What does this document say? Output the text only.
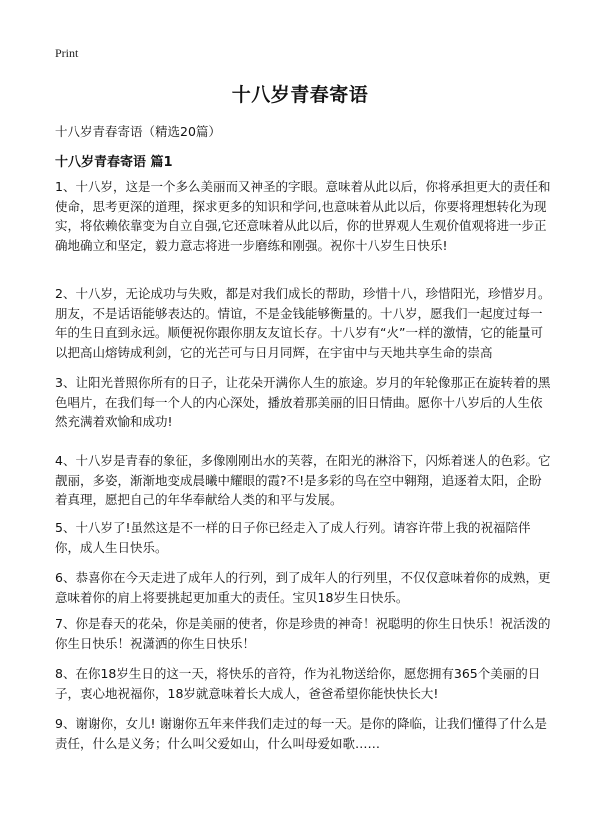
Print
十八岁青春寄语
十八岁青春寄语（精选20篇）
十八岁青春寄语 篇1

1、十八岁，这是一个多么美丽而又神圣的字眼。意味着从此以后，你将承担更大的责任和使命，思考更深的道理，探求更多的知识和学问,也意味着从此以后，你要将理想转化为现实，将依赖依靠变为自立自强,它还意味着从此以后，你的世界观人生观价值观将进一步正确地确立和坚定，毅力意志将进一步磨练和刚强。祝你十八岁生日快乐!

2、十八岁，无论成功与失败，都是对我们成长的帮助，珍惜十八，珍惜阳光，珍惜岁月。朋友，不是话语能够表达的。情谊，不是金钱能够衡量的。十八岁，愿我们一起度过每一年的生日直到永远。顺便祝你跟你朋友友谊长存。十八岁有“火”一样的激情，它的能量可以把高山熔铸成利剑，它的光芒可与日月同辉，在宇宙中与天地共享生命的崇高

3、让阳光普照你所有的日子，让花朵开满你人生的旅途。岁月的年轮像那正在旋转着的黑色唱片，在我们每一个人的内心深处，播放着那美丽的旧日情曲。愿你十八岁后的人生依然充满着欢愉和成功!

4、十八岁是青春的象征，多像刚刚出水的芙蓉，在阳光的淋浴下，闪烁着迷人的色彩。它靓丽，多姿，渐渐地变成晨曦中耀眼的霞?不!是多彩的鸟在空中翱翔，追逐着太阳，企盼着真理，愿把自己的年华奉献给人类的和平与发展。

5、十八岁了!虽然这是不一样的日子你已经走入了成人行列。请容许带上我的祝福陪伴你，成人生日快乐。

6、恭喜你在今天走进了成年人的行列，到了成年人的行列里，不仅仅意味着你的成熟，更意味着你的肩上将要挑起更加重大的责任。宝贝18岁生日快乐。

7、你是春天的花朵，你是美丽的使者，你是珍贵的神奇！祝聪明的你生日快乐！祝活泼的你生日快乐！祝潇洒的你生日快乐！

8、在你18岁生日的这一天，将快乐的音符，作为礼物送给你，愿您拥有365个美丽的日子，衷心地祝福你，18岁就意味着长大成人，爸爸希望你能快快长大!

9、谢谢你，女儿! 谢谢你五年来伴我们走过的每一天。是你的降临，让我们懂得了什么是责任，什么是义务；什么叫父爱如山，什么叫母爱如歌……
